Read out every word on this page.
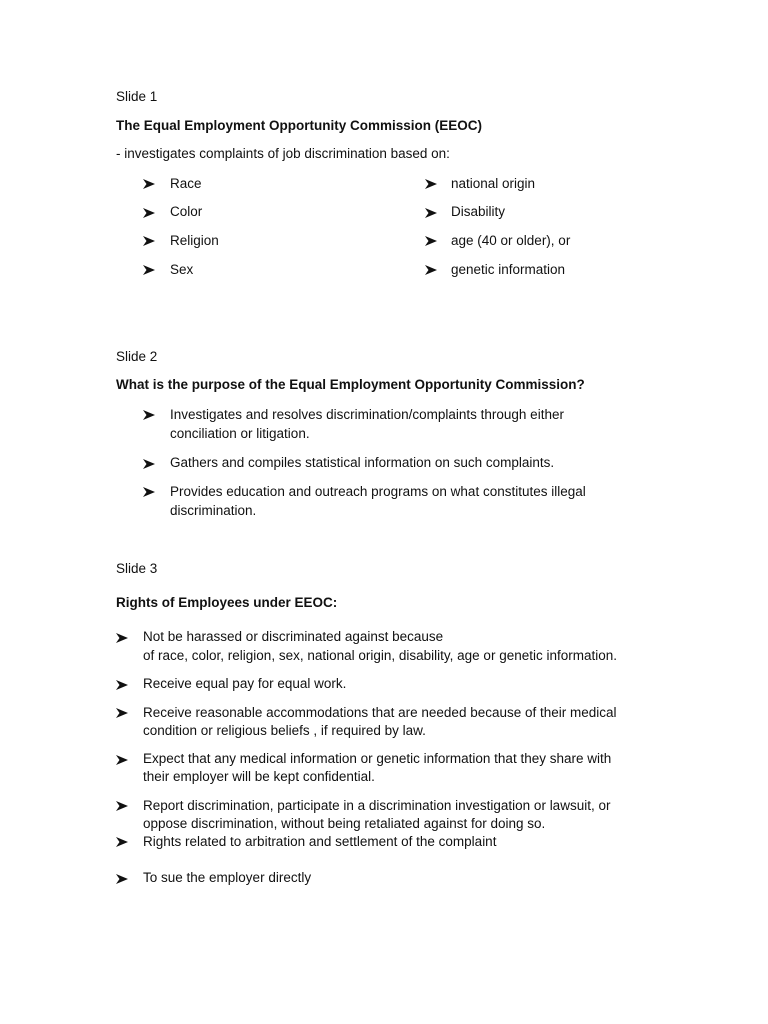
Slide 1
The Equal Employment Opportunity Commission (EEOC)
- investigates complaints of job discrimination based on:
Race
Color
Religion
Sex
national origin
Disability
age (40 or older), or
genetic information
Slide 2
What is the purpose of the Equal Employment Opportunity Commission?
Investigates and resolves discrimination/complaints through either
conciliation or litigation.
Gathers and compiles statistical information on such complaints.
Provides education and outreach programs on what constitutes illegal
discrimination.
Slide 3
Rights of Employees under EEOC:
Not be harassed or discriminated against because
of race, color, religion, sex, national origin, disability, age or genetic information.
Receive equal pay for equal work.
Receive reasonable accommodations that are needed because of their medical
condition or religious beliefs , if required by law.
Expect that any medical information or genetic information that they share with
their employer will be kept confidential.
Report discrimination, participate in a discrimination investigation or lawsuit, or
oppose discrimination, without being retaliated against for doing so.
Rights related to arbitration and settlement of the complaint
To sue the employer directly
